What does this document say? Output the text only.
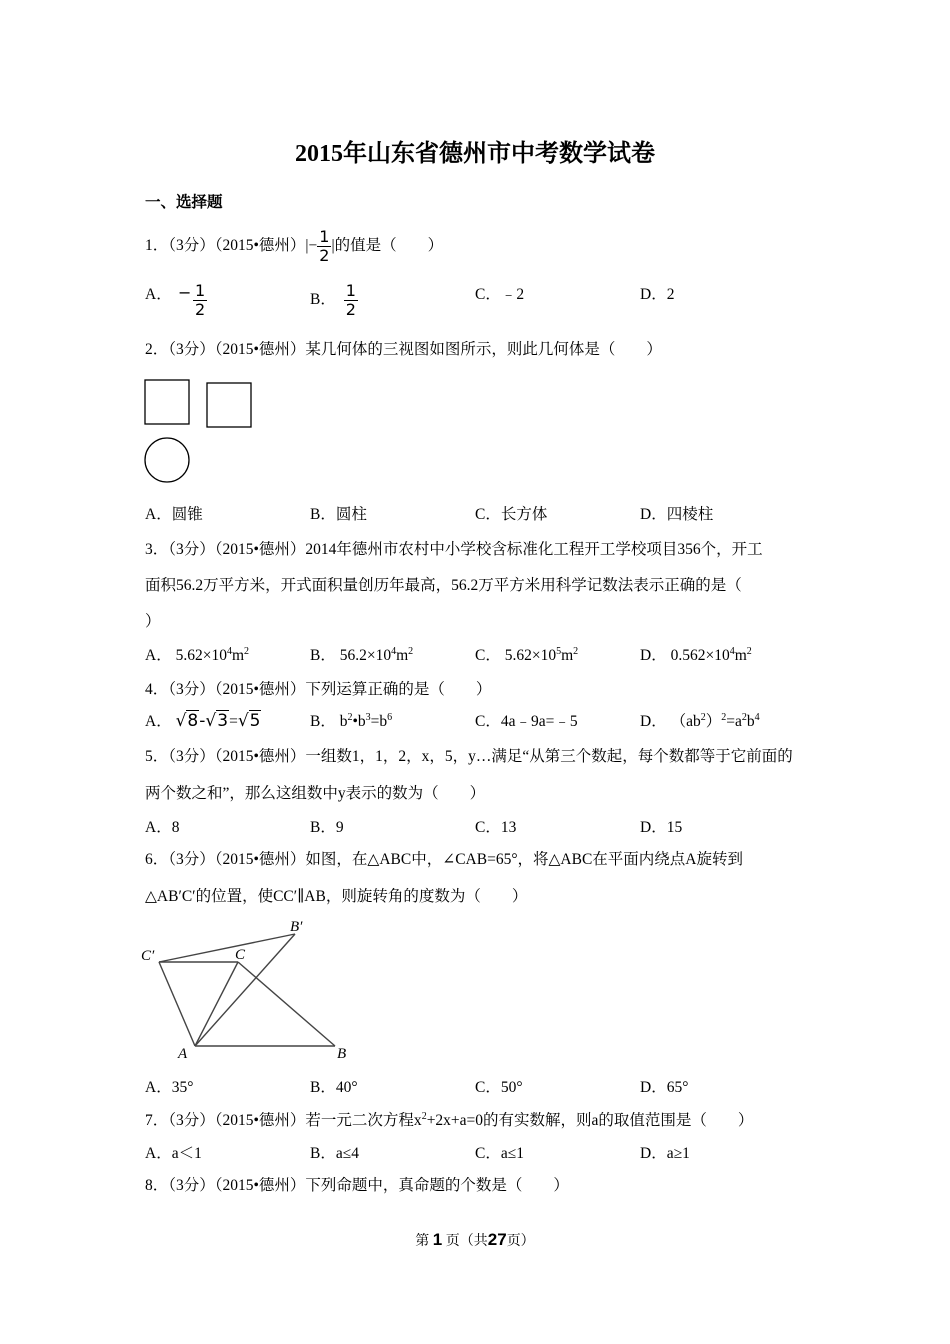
2015年山东省德州市中考数学试卷
一、选择题
1．（3分）（2015•德州）|− $\frac{1}{2}$ |的值是（　　）
A． − $\frac{1}{2}$	B． $\frac{1}{2}$	C．﹣2	D．2
2．（3分）（2015•德州）某几何体的三视图如图所示，则此几何体是（　　）
A．圆锥	B．圆柱	C．长方体	D．四棱柱
3．（3分）（2015•德州）2014年德州市农村中小学校含标准化工程开工学校项目356个，开工
面积56.2万平方米，开式面积量创历年最高，56.2万平方米用科学记数法表示正确的是（
）
A． $5.62\times 10^4m^2$	B． $56.2\times 10^4m^2$	C． $5.62\times 10^5m^2$	D． $0.562\times 10^4m^2$
4．（3分）（2015•德州）下列运算正确的是（　　）
A． √8-√3=√5	B． $b^2•b^3=b^6$	C．4a﹣9a=﹣5	D． $(ab^2)^2=a^2b^4$
5．（3分）（2015•德州）一组数1，1，2，x，5，y…满足“从第三个数起，每个数都等于它前面的
两个数之和”，那么这组数中y表示的数为（　　）
A．8	B．9	C．13	D．15
6．（3分）（2015•德州）如图，在△ABC中，∠CAB=65°，将△ABC在平面内绕点A旋转到
△AB′C′的位置，使CC′∥AB，则旋转角的度数为（　　）
C′	C
B′
A	B
A．35°	B．40°	C．50°	D．65°
7．（3分）（2015•德州）若一元二次方程$x^2+2x+a=0$的有实数解，则a的取值范围是（　　）
A．a＜1	B．a≤4	C．a≤1	D．a≥1
8．（3分）（2015•德州）下列命题中，真命题的个数是（　　）
第 1 页（共27页）
